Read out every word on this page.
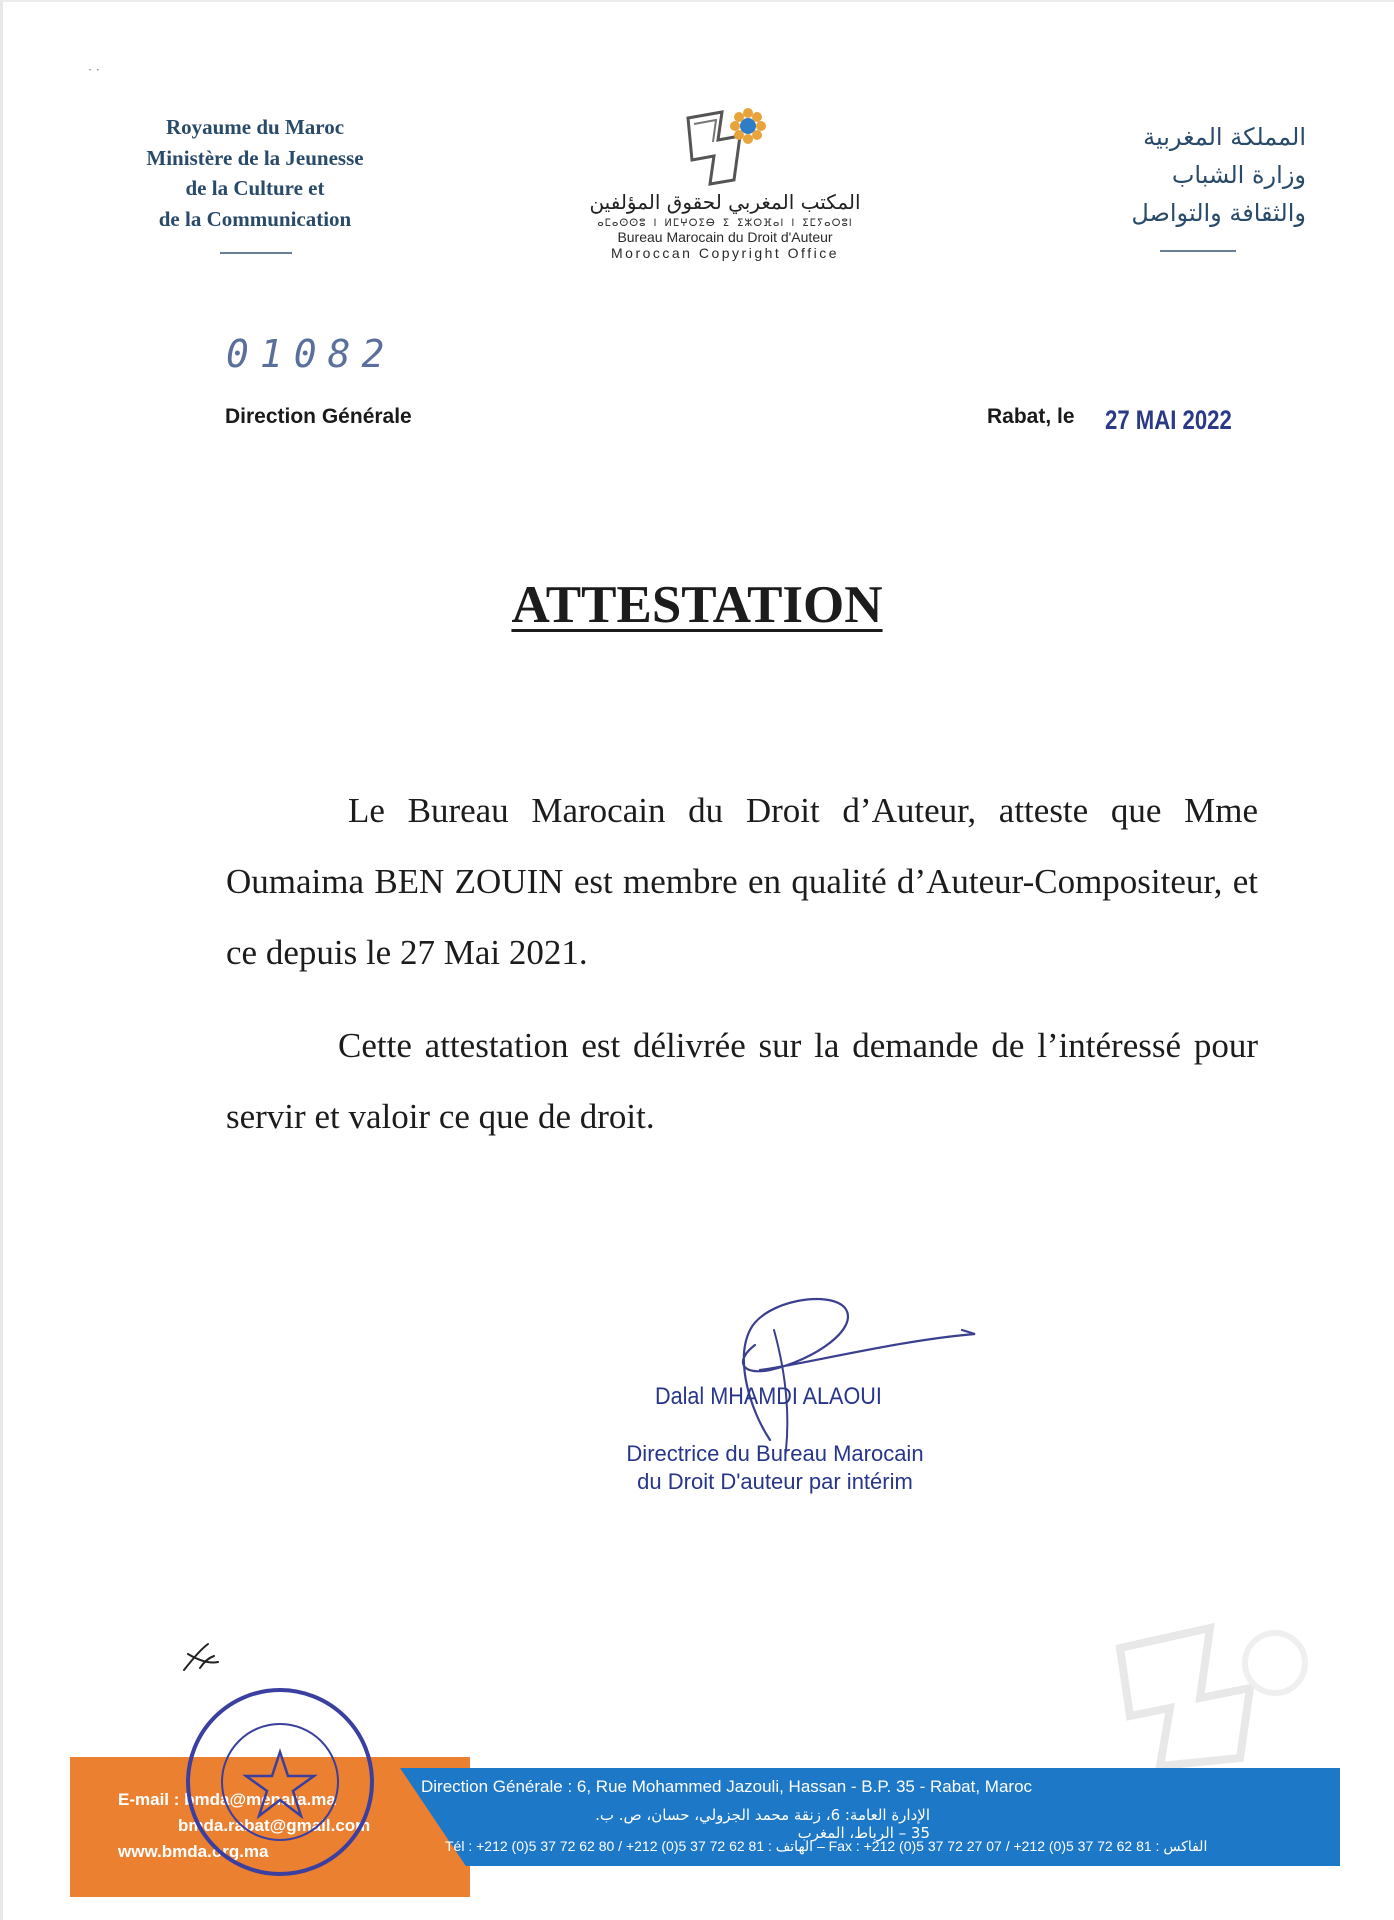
· ·
Royaume du Maroc
Ministère de la Jeunesse
de la Culture et
de la Communication
المكتب المغربي لحقوق المؤلفين
ⴰⵎⴰⵙⵙⵓ ⵏ ⵍⵎⵖⵔⵉⴱ ⵉ ⵉⵣⵔⴼⴰⵏ ⵏ ⵉⵎⵢⴰⵔⵓⵏ
Bureau Marocain du Droit d'Auteur
Moroccan Copyright Office
المملكة المغربية
وزارة الشباب
والثقافة والتواصل
01082
Direction Générale	Rabat, le 27 MAI 2022
ATTESTATION
Le Bureau Marocain du Droit d’Auteur, atteste que Mme Oumaima BEN ZOUIN est membre en qualité d’Auteur-Compositeur, et ce depuis le 27 Mai 2021.
Cette attestation est délivrée sur la demande de l’intéressé pour servir et valoir ce que de droit.
Dalal MHAMDI ALAOUI
Directrice du Bureau Marocain
du Droit D'auteur par intérim
E-mail : bmda@menara.ma
bmda.rabat@gmail.com
www.bmda.org.ma
Direction Générale : 6, Rue Mohammed Jazouli, Hassan - B.P. 35 - Rabat, Maroc
الإدارة العامة: 6، زنقة محمد الجزولي، حسان، ص. ب. 35 – الرباط، المغرب
Tél : +212 (0)5 37 72 62 80 / +212 (0)5 37 72 62 81 : الهاتف – Fax : +212 (0)5 37 72 27 07 / +212 (0)5 37 72 62 81 : الفاكس
